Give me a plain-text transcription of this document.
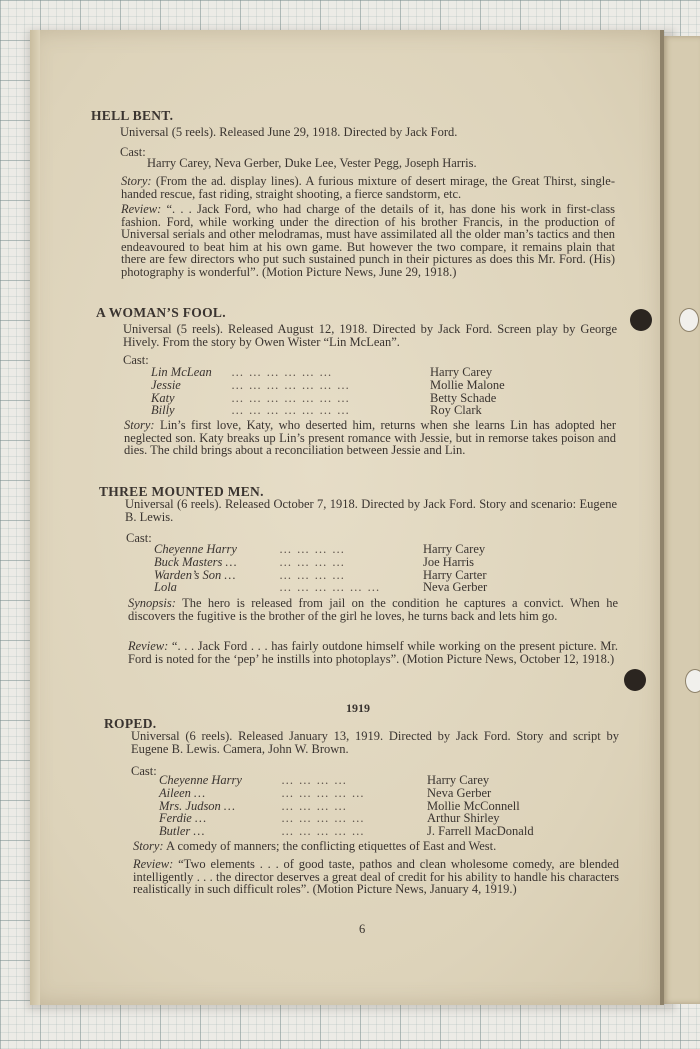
HELL BENT.
Universal (5 reels). Released June 29, 1918. Directed by Jack Ford.
Cast:
Harry Carey, Neva Gerber, Duke Lee, Vester Pegg, Joseph Harris.
Story: (From the ad. display lines). A furious mixture of desert mirage, the Great Thirst, single-handed rescue, fast riding, straight shooting, a fierce sandstorm, etc.
Review: “. . . Jack Ford, who had charge of the details of it, has done his work in first-class fashion. Ford, while working under the direction of his brother Francis, in the production of Universal serials and other melodramas, must have assimilated all the older man’s tactics and then endeavoured to beat him at his own game. But however the two compare, it remains plain that there are few directors who put such sustained punch in their pictures as does this Mr. Ford. (His) photography is wonderful”. (Motion Picture News, June 29, 1918.)
A WOMAN’S FOOL.
Universal (5 reels). Released August 12, 1918. Directed by Jack Ford. Screen play by George Hively. From the story by Owen Wister “Lin McLean”.
Cast:
Lin McLean	… … … … … …	Harry Carey
Jessie	… … … … … … …	Mollie Malone
Katy	… … … … … … …	Betty Schade
Billy	… … … … … … …	Roy Clark
Story: Lin’s first love, Katy, who deserted him, returns when she learns Lin has adopted her neglected son. Katy breaks up Lin’s present romance with Jessie, but in remorse takes poison and dies. The child brings about a reconciliation between Jessie and Lin.
THREE MOUNTED MEN.
Universal (6 reels). Released October 7, 1918. Directed by Jack Ford. Story and scenario: Eugene B. Lewis.
Cast:
Cheyenne Harry	… … … …	Harry Carey
Buck Masters …	… … … …	Joe Harris
Warden’s Son …	… … … …	Harry Carter
Lola	… … … … … …	Neva Gerber
Synopsis: The hero is released from jail on the condition he captures a convict. When he discovers the fugitive is the brother of the girl he loves, he turns back and lets him go.
Review: “. . . Jack Ford . . . has fairly outdone himself while working on the present picture. Mr. Ford is noted for the ‘pep’ he instills into photoplays”. (Motion Picture News, October 12, 1918.)
1919
ROPED.
Universal (6 reels). Released January 13, 1919. Directed by Jack Ford. Story and script by Eugene B. Lewis. Camera, John W. Brown.
Cast:
Cheyenne Harry	… … … …	Harry Carey
Aileen …	… … … … …	Neva Gerber
Mrs. Judson …	… … … …	Mollie McConnell
Ferdie …	… … … … …	Arthur Shirley
Butler …	… … … … …	J. Farrell MacDonald
Story: A comedy of manners; the conflicting etiquettes of East and West.
Review: “Two elements . . . of good taste, pathos and clean wholesome comedy, are blended intelligently . . . the director deserves a great deal of credit for his ability to handle his characters realistically in such difficult roles”. (Motion Picture News, January 4, 1919.)
6
